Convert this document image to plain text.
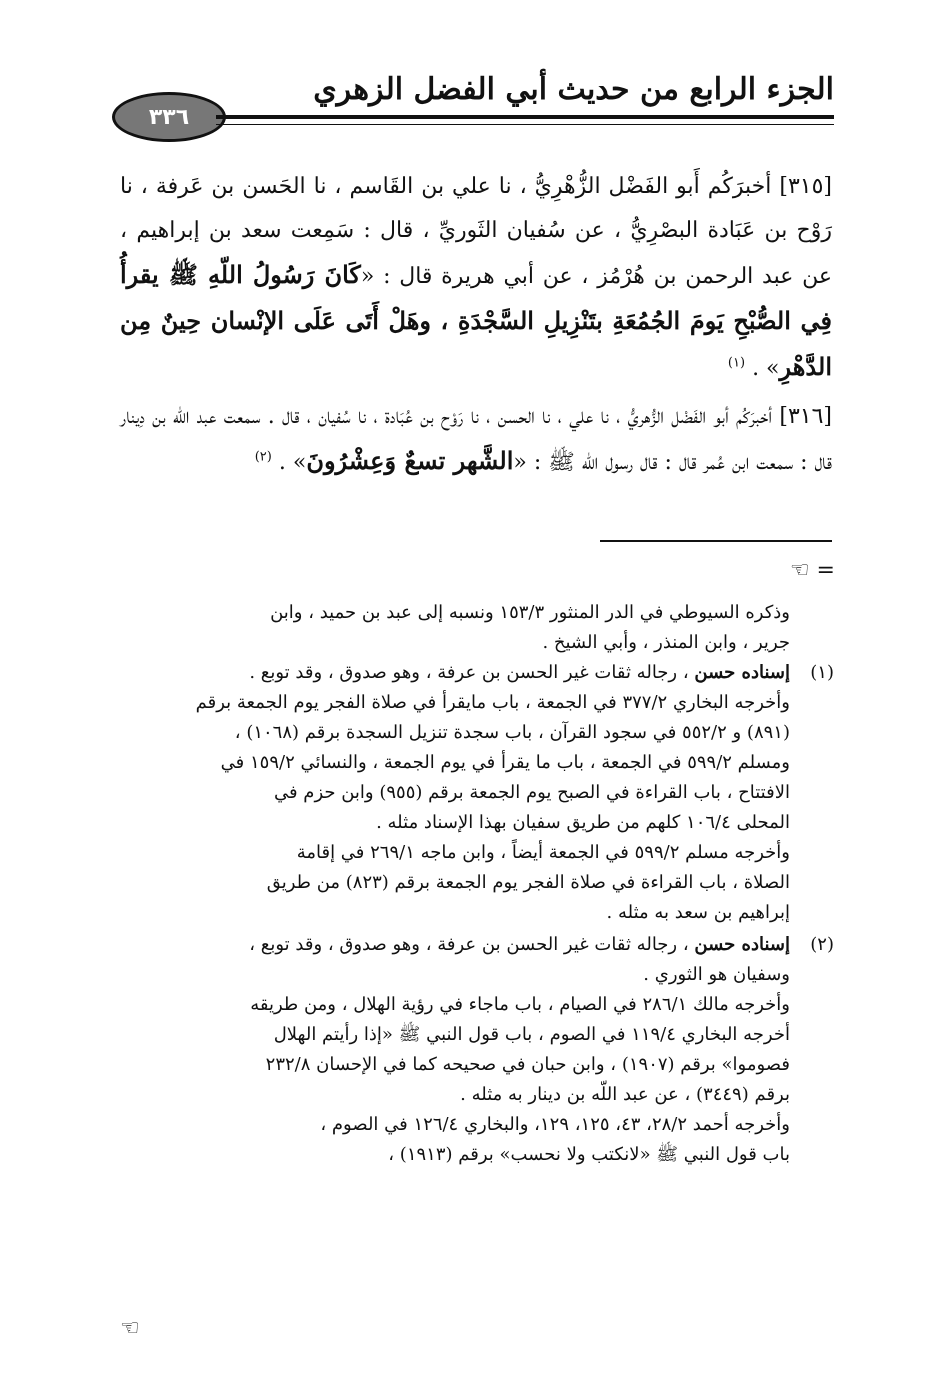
٣٣٦
الجزء الرابع من حديث أبي الفضل الزهري

[٣١٥] أخبرَكُم أَبو الفَضْل الزُّهْرِيُّ ، نا علي بن القَاسم ، نا الحَسن بن عَرفة ، نا رَوْح بن عَبَادة البصْرِيُّ ، عن سُفيان الثَوريِّ ، قال : سَمِعت سعد بن إبراهيم ، عن عبد الرحمن بن هُرْمُز ، عن أبي هريرة قال : «كَانَ رَسُولُ اللّهِ ﷺ يقرأُ فِي الصُّبْحِ يَومَ الجُمُعَةِ بتَنْزِيلِ السَّجْدَةِ ، وهَلْ أَتَى عَلَى الإنْسان حِينٌ مِن الدَّهْرِ» . $^{(١)}$

[٣١٦] أخبرَكُم أبو الفَضْل الزُّهريُّ ، نا علي ، نا الحسن ، نا رَوْح بن عُبَادة ، نا سُفيان ، قال . سمعت عبد اللّه بن دِينار قال : سمعت ابن عُمر قال : قال رسول اللّه ﷺ : «الشَّهر تسعٌ وَعِشْرُونَ» . $^{(٢)}$

= ☜
وذكره السيوطي في الدر المنثور ١٥٣/٣ ونسبه إلى عبد بن حميد ، وابن
جرير ، وابن المنذر ، وأبي الشيخ .
(١)
إسناده حسن ، رجاله ثقات غير الحسن بن عرفة ، وهو صدوق ، وقد توبع .
وأخرجه البخاري ٣٧٧/٢ في الجمعة ، باب مايقرأ في صلاة الفجر يوم الجمعة برقم
(٨٩١) و ٥٥٢/٢ في سجود القرآن ، باب سجدة تنزيل السجدة برقم (١٠٦٨) ،
ومسلم ٥٩٩/٢ في الجمعة ، باب ما يقرأ في يوم الجمعة ، والنسائي ١٥٩/٢ في
الافتتاح ، باب القراءة في الصبح يوم الجمعة برقم (٩٥٥) وابن حزم في
المحلى ١٠٦/٤ كلهم من طريق سفيان بهذا الإسناد مثله .
وأخرجه مسلم ٥٩٩/٢ في الجمعة أيضاً ، وابن ماجه ٢٦٩/١ في إقامة
الصلاة ، باب القراءة في صلاة الفجر يوم الجمعة برقم (٨٢٣) من طريق
إبراهيم بن سعد به مثله .
(٢)
إسناده حسن ، رجاله ثقات غير الحسن بن عرفة ، وهو صدوق ، وقد توبع ،
وسفيان هو الثوري .
وأخرجه مالك ٢٨٦/١ في الصيام ، باب ماجاء في رؤية الهلال ، ومن طريقه
أخرجه البخاري ١١٩/٤ في الصوم ، باب قول النبي ﷺ «إذا رأيتم الهلال
فصوموا» برقم (١٩٠٧) ، وابن حبان في صحيحه كما في الإحسان ٢٣٢/٨
برقم (٣٤٤٩) ، عن عبد اللّه بن دينار به مثله .
وأخرجه أحمد ٢٨/٢، ٤٣، ١٢٥، ١٢٩، والبخاري ١٢٦/٤ في الصوم ،
باب قول النبي ﷺ «لانكتب ولا نحسب» برقم (١٩١٣) ،
☜
